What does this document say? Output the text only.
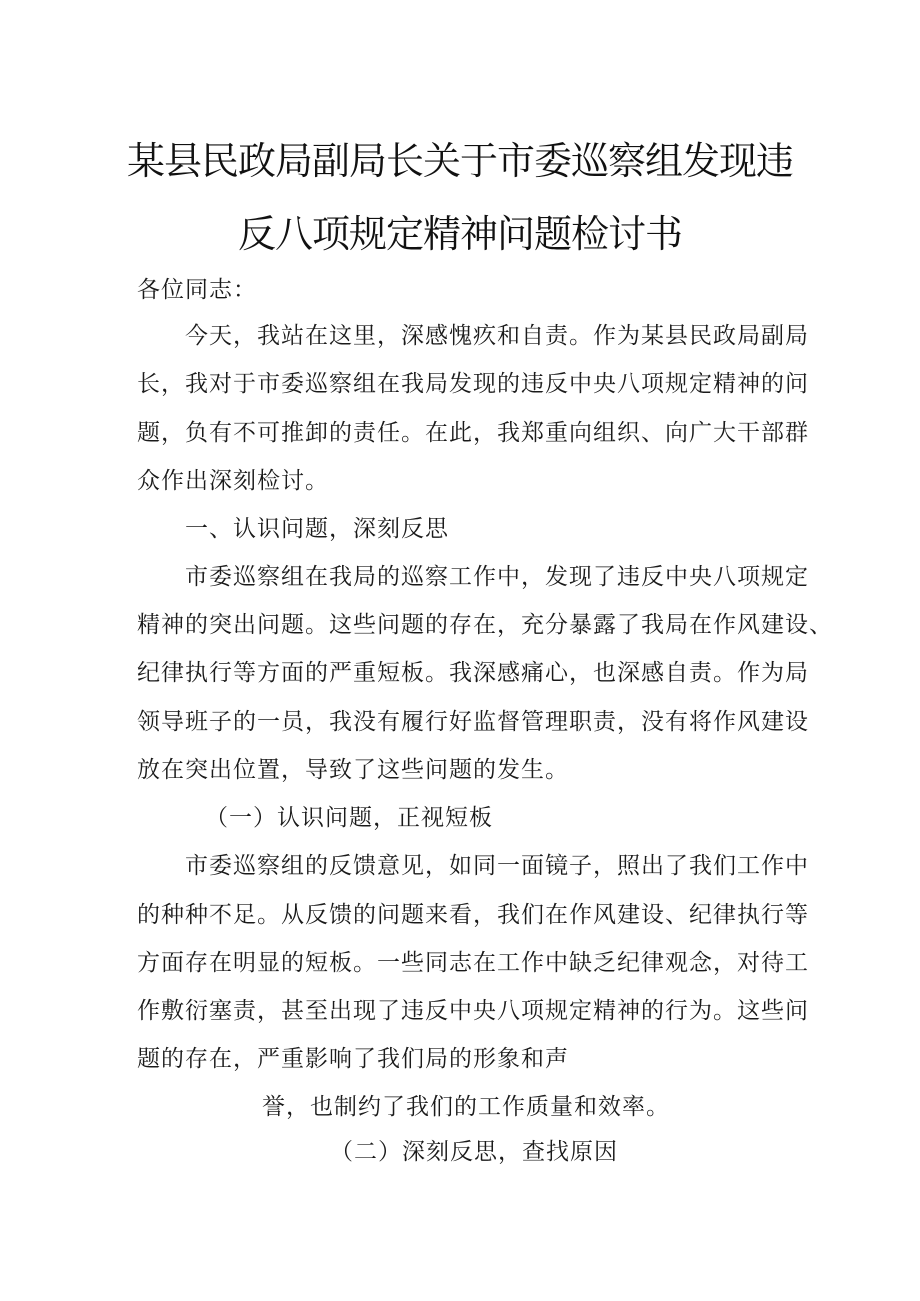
某县民政局副局长关于市委巡察组发现违
反八项规定精神问题检讨书
各位同志：
今天，我站在这里，深感愧疚和自责。作为某县民政局副局
长，我对于市委巡察组在我局发现的违反中央八项规定精神的问
题，负有不可推卸的责任。在此，我郑重向组织、向广大干部群
众作出深刻检讨。
一、认识问题，深刻反思
市委巡察组在我局的巡察工作中，发现了违反中央八项规定
精神的突出问题。这些问题的存在，充分暴露了我局在作风建设、
纪律执行等方面的严重短板。我深感痛心，也深感自责。作为局
领导班子的一员，我没有履行好监督管理职责，没有将作风建设
放在突出位置，导致了这些问题的发生。
（一）认识问题，正视短板
市委巡察组的反馈意见，如同一面镜子，照出了我们工作中
的种种不足。从反馈的问题来看，我们在作风建设、纪律执行等
方面存在明显的短板。一些同志在工作中缺乏纪律观念，对待工
作敷衍塞责，甚至出现了违反中央八项规定精神的行为。这些问
题的存在，严重影响了我们局的形象和声
誉，也制约了我们的工作质量和效率。
（二）深刻反思，查找原因
